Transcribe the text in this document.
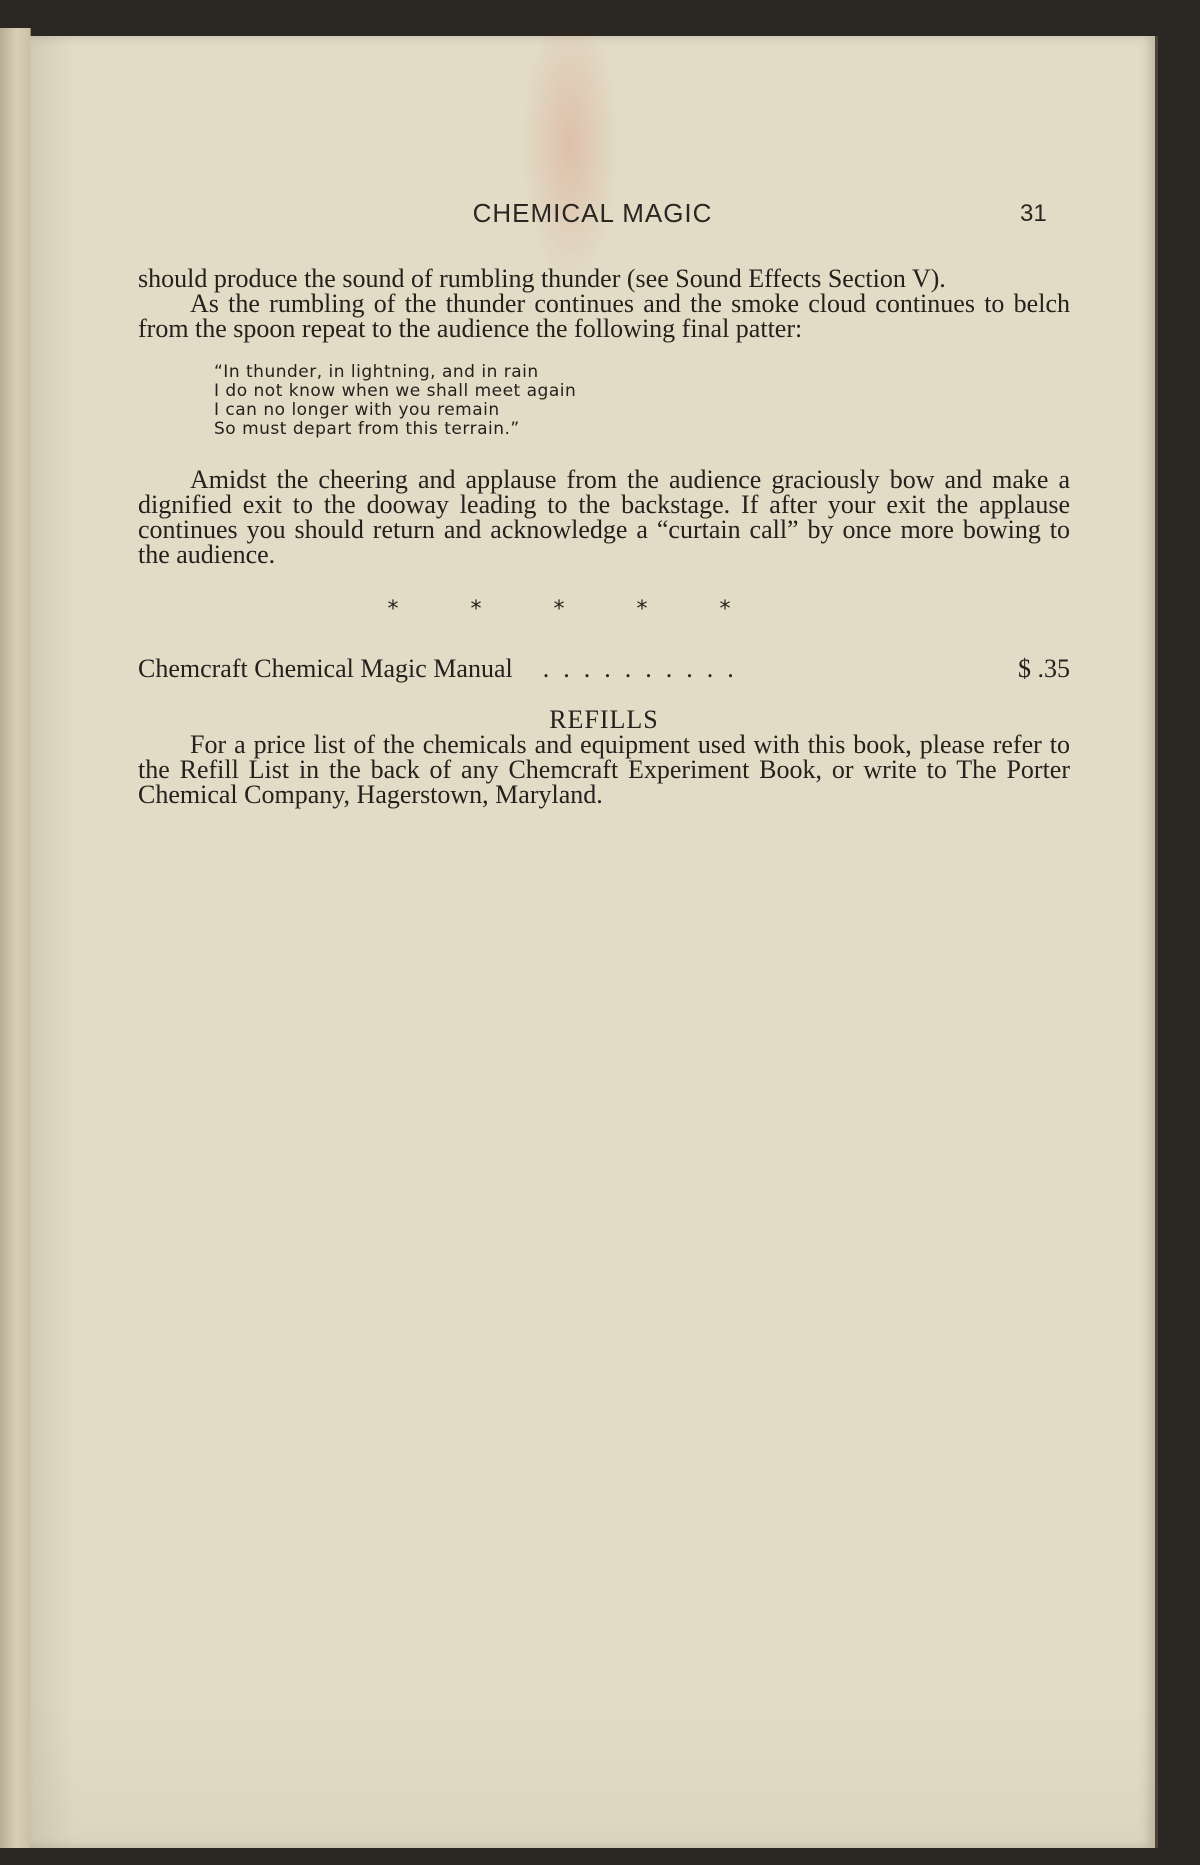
CHEMICAL MAGIC	31

should produce the sound of rumbling thunder (see Sound Effects Section V).

As the rumbling of the thunder continues and the smoke cloud continues to belch from the spoon repeat to the audience the following final patter:

“In thunder, in lightning, and in rain
I do not know when we shall meet again
I can no longer with you remain
So must depart from this terrain.”

Amidst the cheering and applause from the audience graciously bow and make a dignified exit to the dooway leading to the backstage. If after your exit the applause continues you should return and acknowledge a “curtain call” by once more bowing to the audience.

*	*	*	*	*
Chemcraft Chemical Magic Manual	..........	$ .35
REFILLS

For a price list of the chemicals and equipment used with this book, please refer to the Refill List in the back of any Chemcraft Experiment Book, or write to The Porter Chemical Company, Hagerstown, Maryland.
